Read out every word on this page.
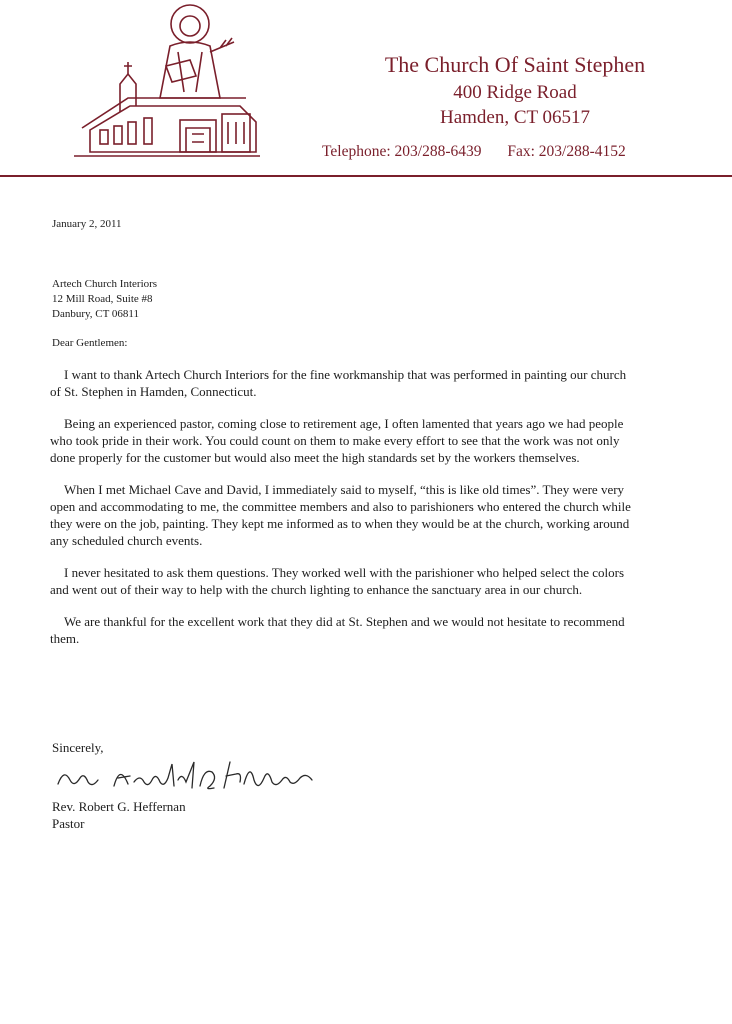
The Church Of Saint Stephen
400 Ridge Road
Hamden, CT 06517
Telephone: 203/288-6439 Fax: 203/288-4152
January 2, 2011
Artech Church Interiors
12 Mill Road, Suite #8
Danbury, CT 06811
Dear Gentlemen:

I want to thank Artech Church Interiors for the fine workmanship that was performed in painting our church of St. Stephen in Hamden, Connecticut.

Being an experienced pastor, coming close to retirement age, I often lamented that years ago we had people who took pride in their work. You could count on them to make every effort to see that the work was not only done properly for the customer but would also meet the high standards set by the workers themselves.

When I met Michael Cave and David, I immediately said to myself, “this is like old times”. They were very open and accommodating to me, the committee members and also to parishioners who entered the church while they were on the job, painting. They kept me informed as to when they would be at the church, working around any scheduled church events.

I never hesitated to ask them questions. They worked well with the parishioner who helped select the colors and went out of their way to help with the church lighting to enhance the sanctuary area in our church.

We are thankful for the excellent work that they did at St. Stephen and we would not hesitate to recommend them.

Sincerely,
Rev. Robert G. Heffernan
Pastor
